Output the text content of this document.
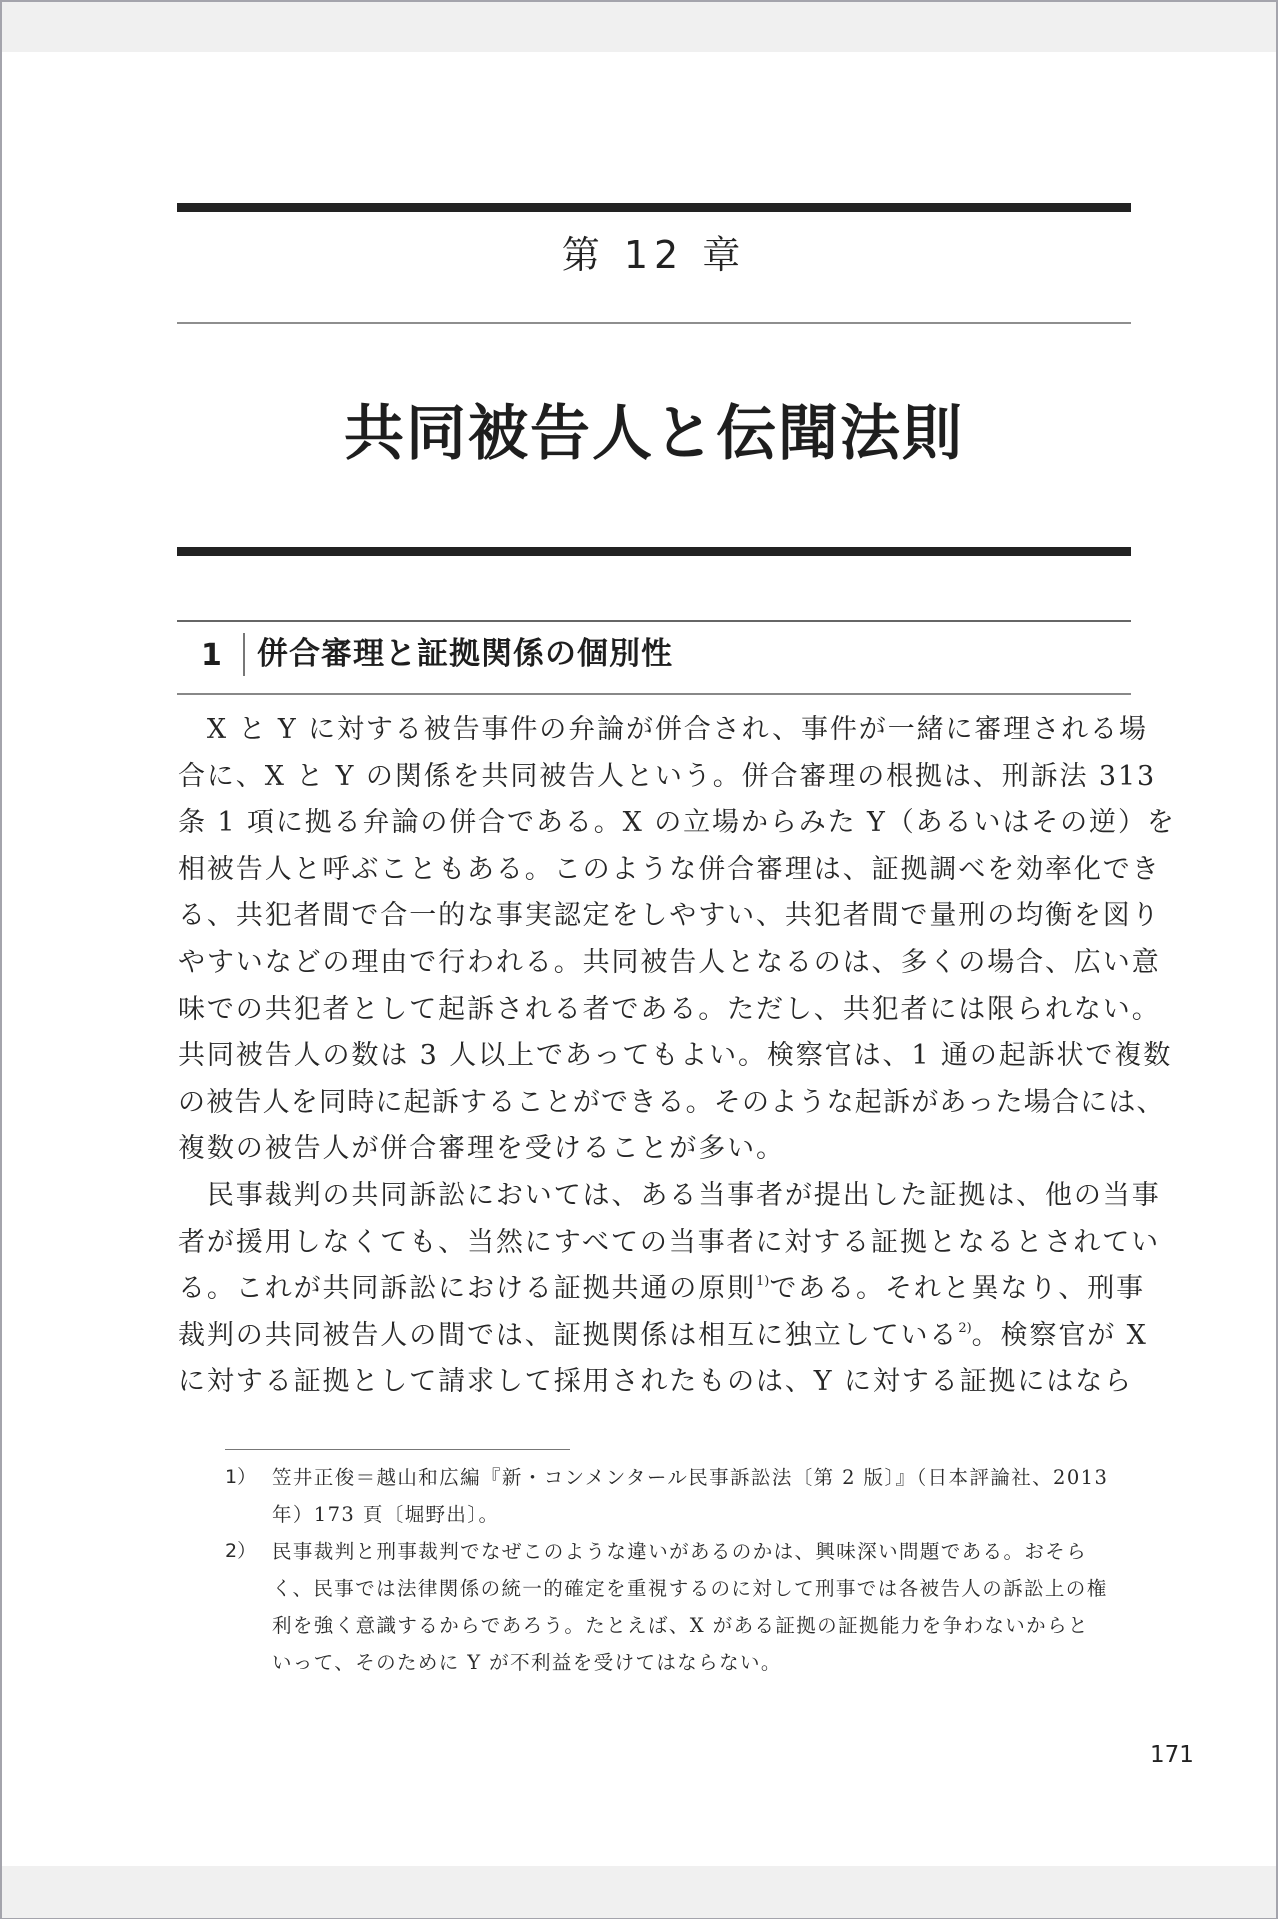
第 12 章
共同被告人と伝聞法則
1 併合審理と証拠関係の個別性
　X と Y に対する被告事件の弁論が併合され、事件が一緒に審理される場
合に、X と Y の関係を共同被告人という。併合審理の根拠は、刑訴法 313
条 1 項に拠る弁論の併合である。X の立場からみた Y（あるいはその逆）を
相被告人と呼ぶこともある。このような併合審理は、証拠調べを効率化でき
る、共犯者間で合一的な事実認定をしやすい、共犯者間で量刑の均衡を図り
やすいなどの理由で行われる。共同被告人となるのは、多くの場合、広い意
味での共犯者として起訴される者である。ただし、共犯者には限られない。
共同被告人の数は 3 人以上であってもよい。検察官は、1 通の起訴状で複数
の被告人を同時に起訴することができる。そのような起訴があった場合には、
複数の被告人が併合審理を受けることが多い。
　民事裁判の共同訴訟においては、ある当事者が提出した証拠は、他の当事
者が援用しなくても、当然にすべての当事者に対する証拠となるとされてい
る。これが共同訴訟における証拠共通の原則$^{1)}$である。それと異なり、刑事
裁判の共同被告人の間では、証拠関係は相互に独立している$^{2)}$。検察官が X
に対する証拠として請求して採用されたものは、Y に対する証拠にはなら
1） 笠井正俊＝越山和広編『新・コンメンタール民事訴訟法〔第 2 版〕』（日本評論社、2013
年）173 頁〔堀野出〕。
2） 民事裁判と刑事裁判でなぜこのような違いがあるのかは、興味深い問題である。おそら
く、民事では法律関係の統一的確定を重視するのに対して刑事では各被告人の訴訟上の権
利を強く意識するからであろう。たとえば、X がある証拠の証拠能力を争わないからと
いって、そのために Y が不利益を受けてはならない。
171
